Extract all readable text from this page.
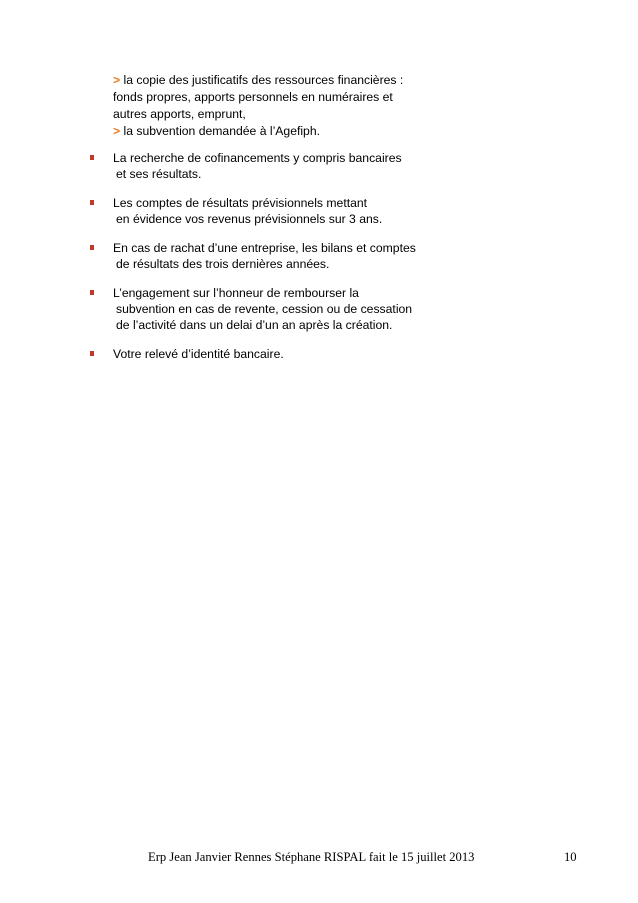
> la copie des justificatifs des ressources financières :
fonds propres, apports personnels en numéraires et
autres apports, emprunt,
> la subvention demandée à l’Agefiph.
La recherche de cofinancements y compris bancaires
et ses résultats.
Les comptes de résultats prévisionnels mettant
en évidence vos revenus prévisionnels sur 3 ans.
En cas de rachat d’une entreprise, les bilans et comptes
de résultats des trois dernières années.
L’engagement sur l’honneur de rembourser la
subvention en cas de revente, cession ou de cessation
de l’activité dans un delai d’un an après la création.
Votre relevé d’identité bancaire.
Erp Jean Janvier Rennes Stéphane RISPAL fait le 15 juillet 2013	10
